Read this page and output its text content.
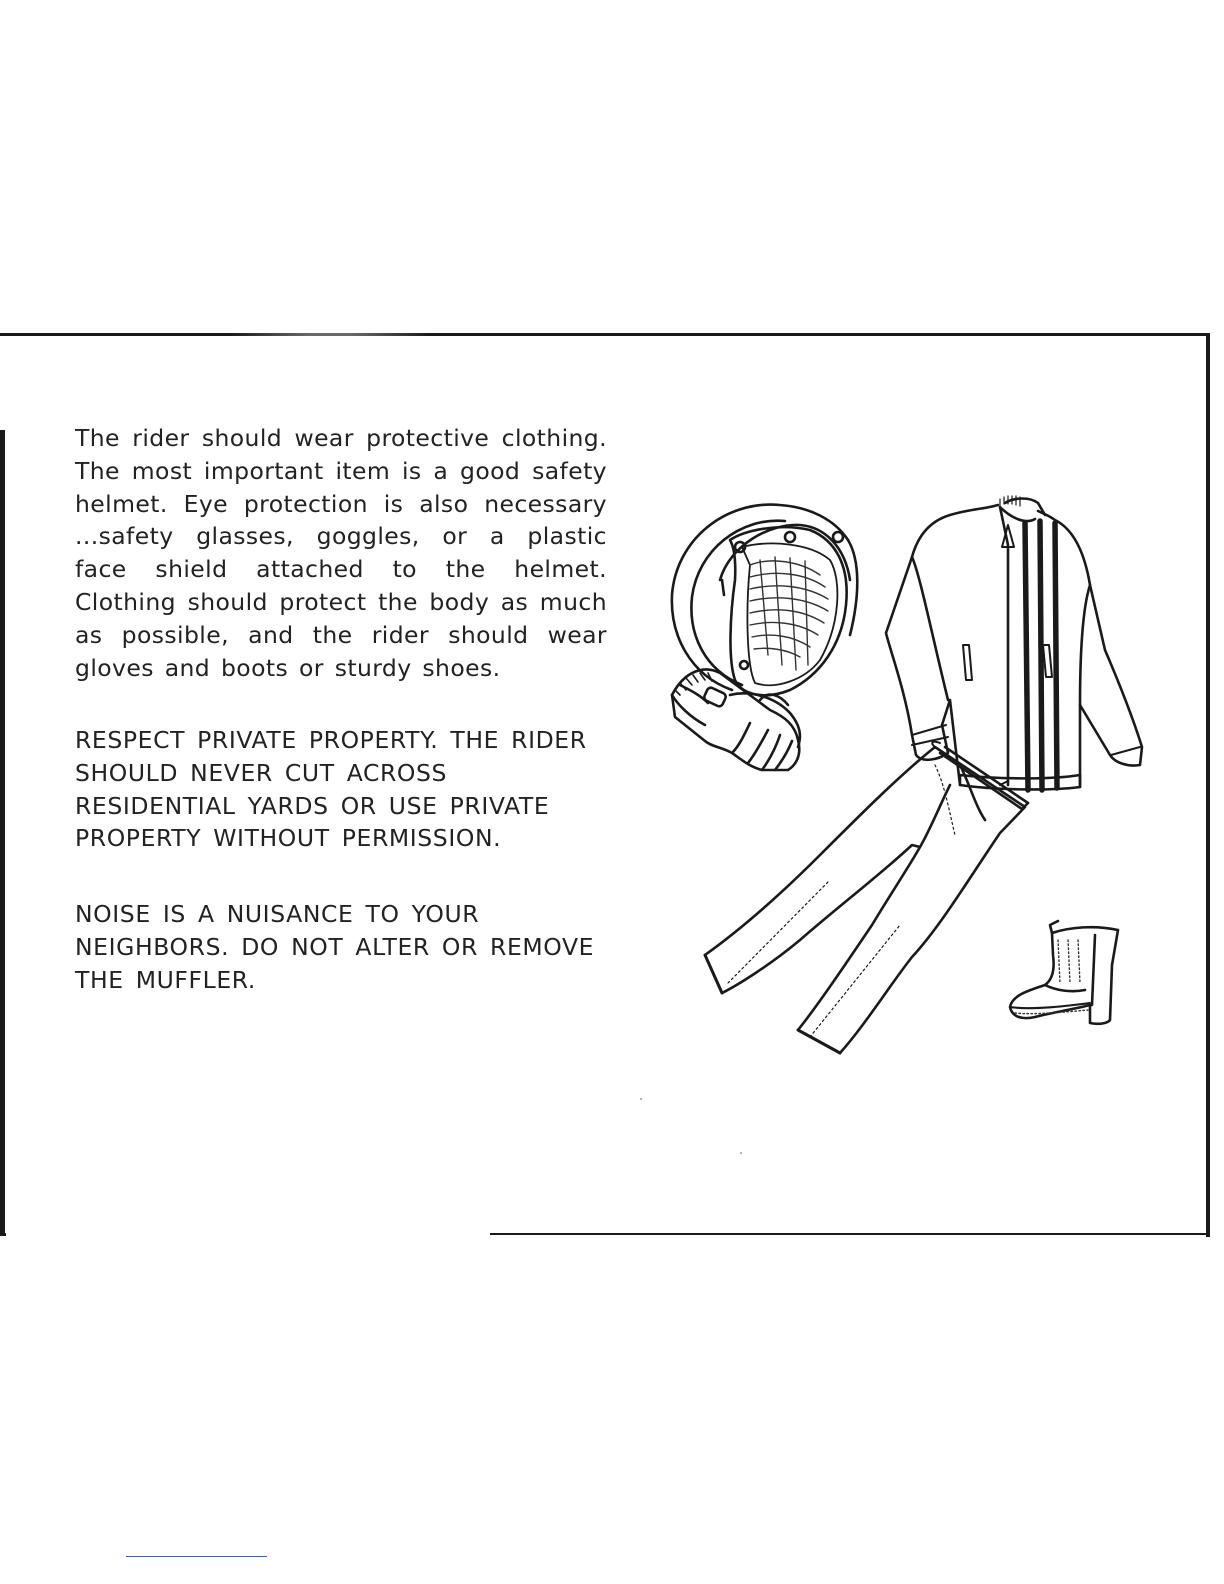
The rider should wear protective clothing. The most important item is a good safety helmet. Eye protection is also necessary ...safety glasses, goggles, or a plastic face shield attached to the helmet. Clothing should protect the body as much as possible, and the rider should wear gloves and boots or sturdy shoes.

RESPECT PRIVATE PROPERTY. THE RIDER SHOULD NEVER CUT ACROSS RESIDENTIAL YARDS OR USE PRIVATE PROPERTY WITHOUT PERMISSION.

NOISE IS A NUISANCE TO YOUR NEIGHBORS. DO NOT ALTER OR REMOVE THE MUFFLER.
